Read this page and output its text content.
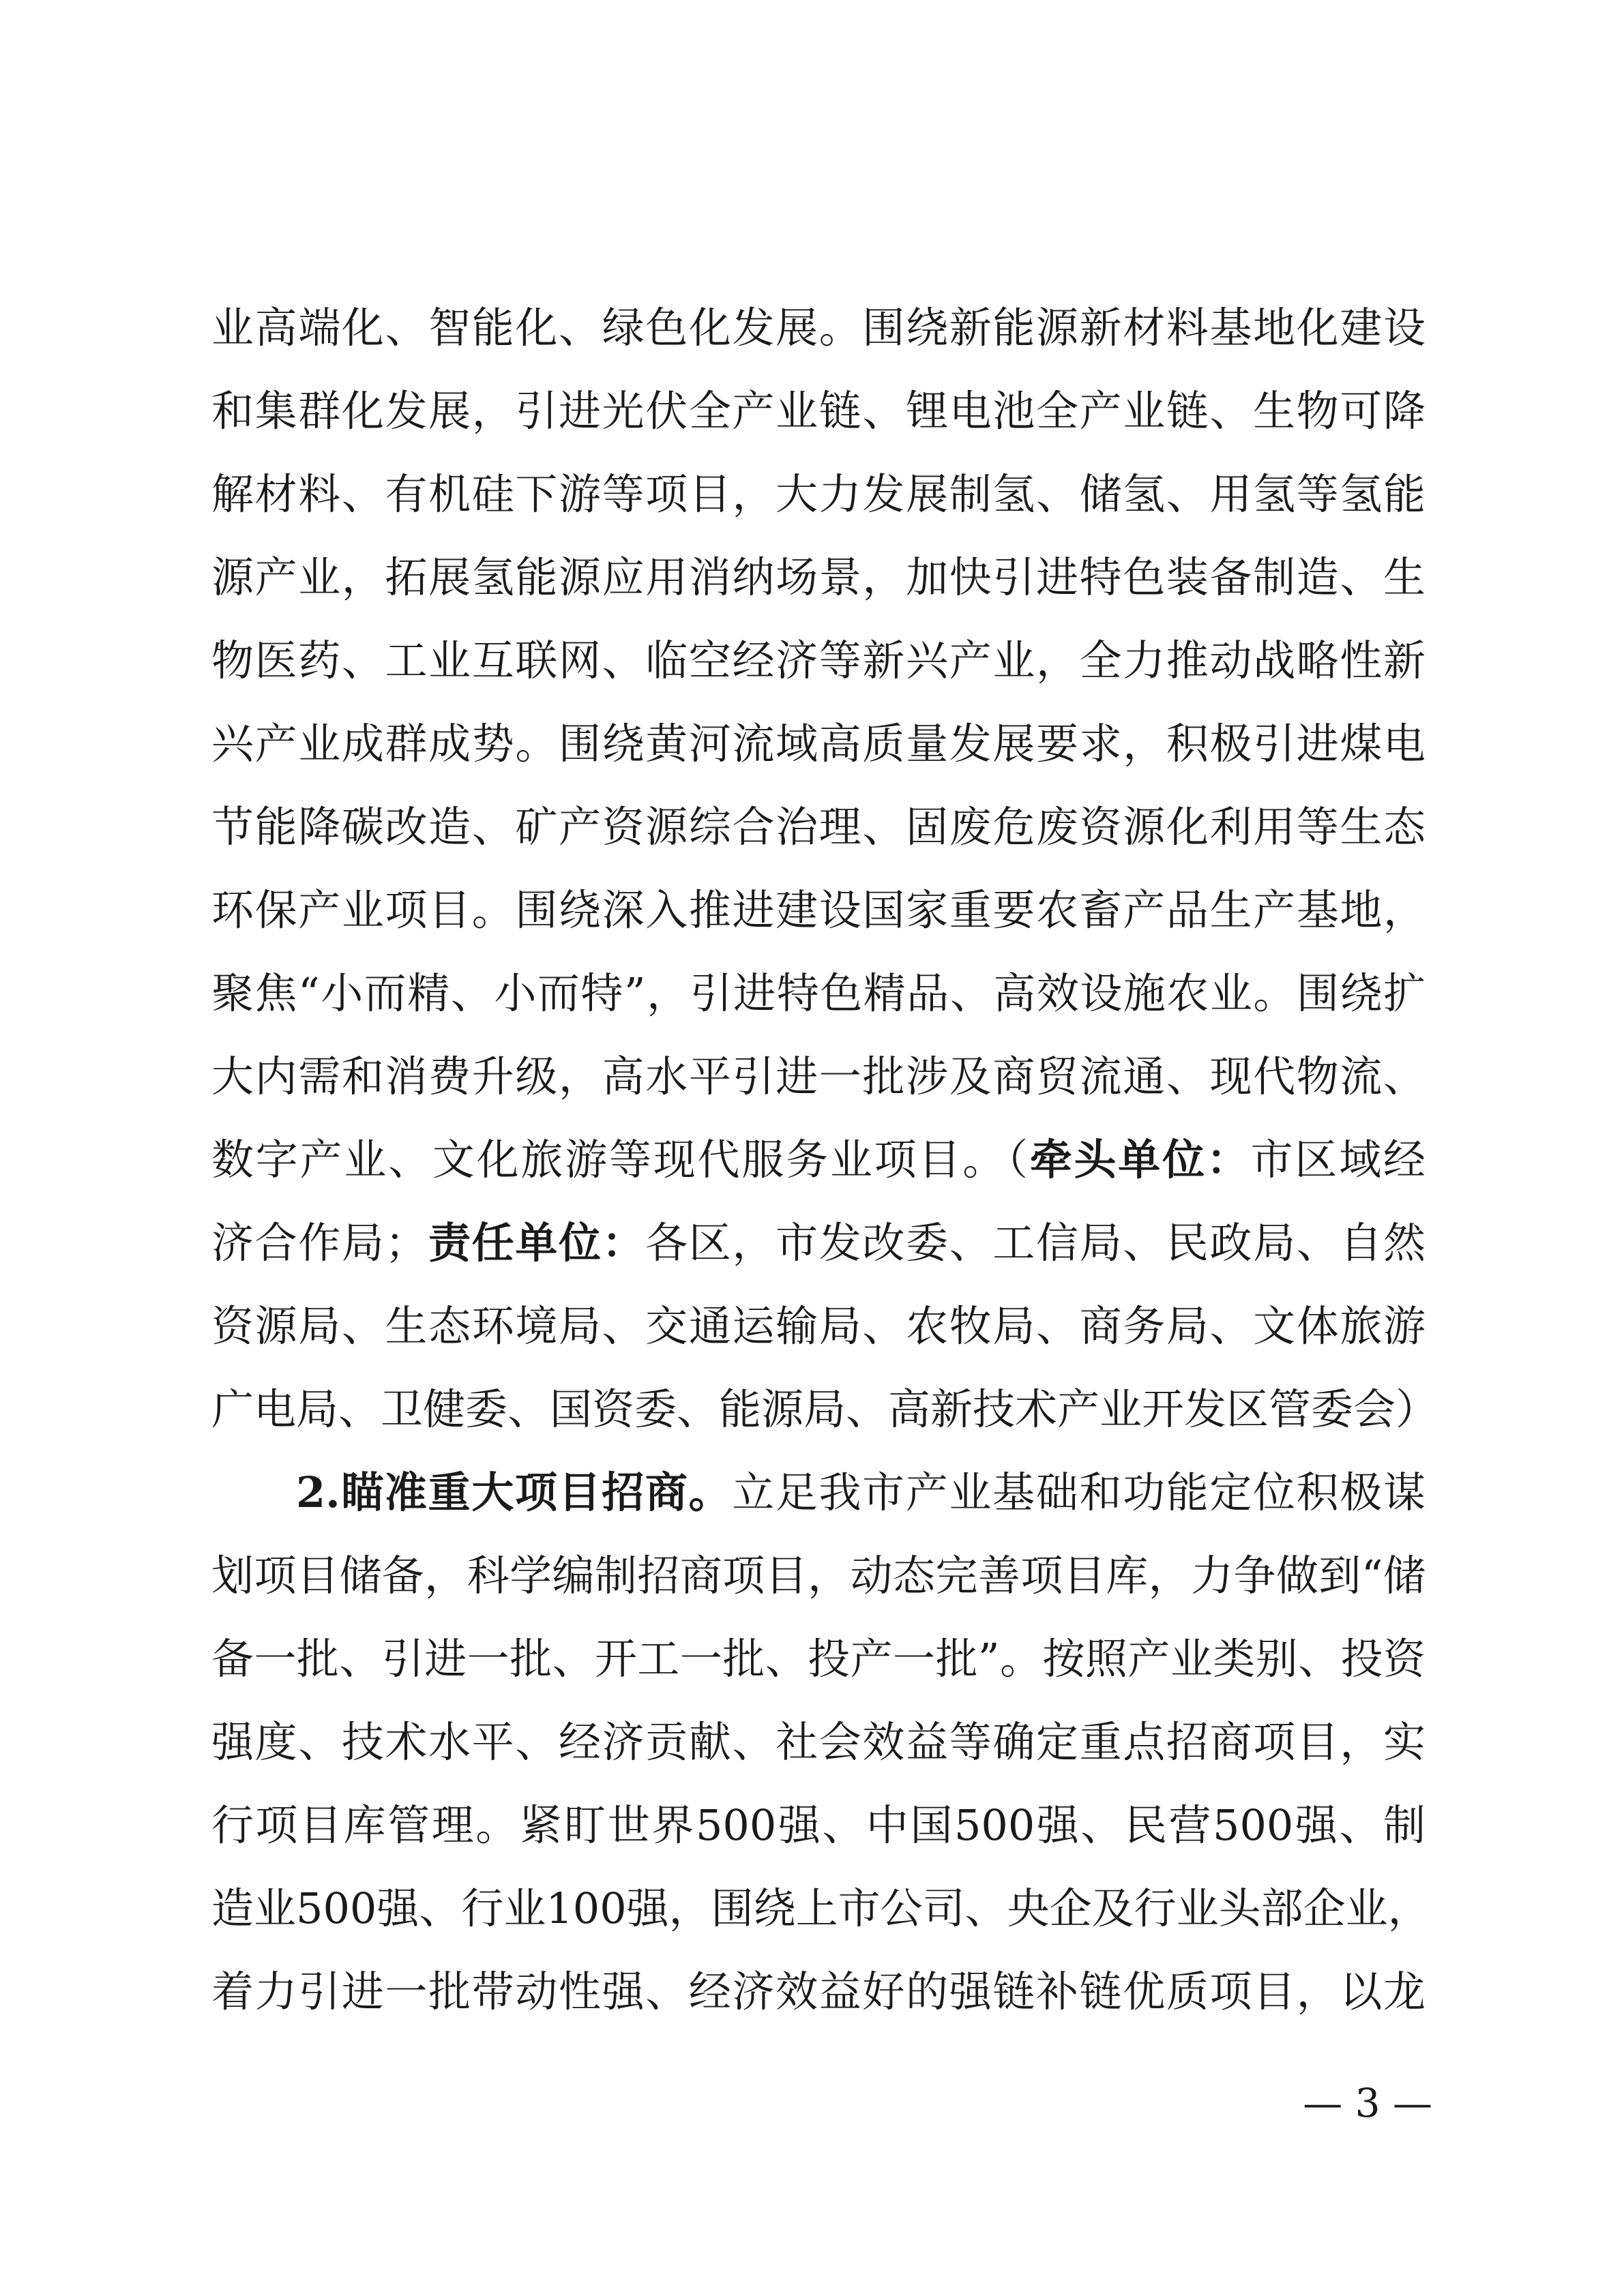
业高端化、智能化、绿色化发展。围绕新能源新材料基地化建设
和集群化发展，引进光伏全产业链、锂电池全产业链、生物可降
解材料、有机硅下游等项目，大力发展制氢、储氢、用氢等氢能
源产业，拓展氢能源应用消纳场景，加快引进特色装备制造、生
物医药、工业互联网、临空经济等新兴产业，全力推动战略性新
兴产业成群成势。围绕黄河流域高质量发展要求，积极引进煤电
节能降碳改造、矿产资源综合治理、固废危废资源化利用等生态
环保产业项目。围绕深入推进建设国家重要农畜产品生产基地，
聚焦“小而精、小而特”，引进特色精品、高效设施农业。围绕扩
大内需和消费升级，高水平引进一批涉及商贸流通、现代物流、
数字产业、文化旅游等现代服务业项目。（牵头单位：市区域经
济合作局；责任单位：各区，市发改委、工信局、民政局、自然
资源局、生态环境局、交通运输局、农牧局、商务局、文体旅游
广电局、卫健委、国资委、能源局、高新技术产业开发区管委会）
2.瞄准重大项目招商。立足我市产业基础和功能定位积极谋
划项目储备，科学编制招商项目，动态完善项目库，力争做到“储
备一批、引进一批、开工一批、投产一批”。按照产业类别、投资
强度、技术水平、经济贡献、社会效益等确定重点招商项目，实
行项目库管理。紧盯世界500强、中国500强、民营500强、制
造业500强、行业100强，围绕上市公司、央企及行业头部企业，
着力引进一批带动性强、经济效益好的强链补链优质项目，以龙
— 3 —
